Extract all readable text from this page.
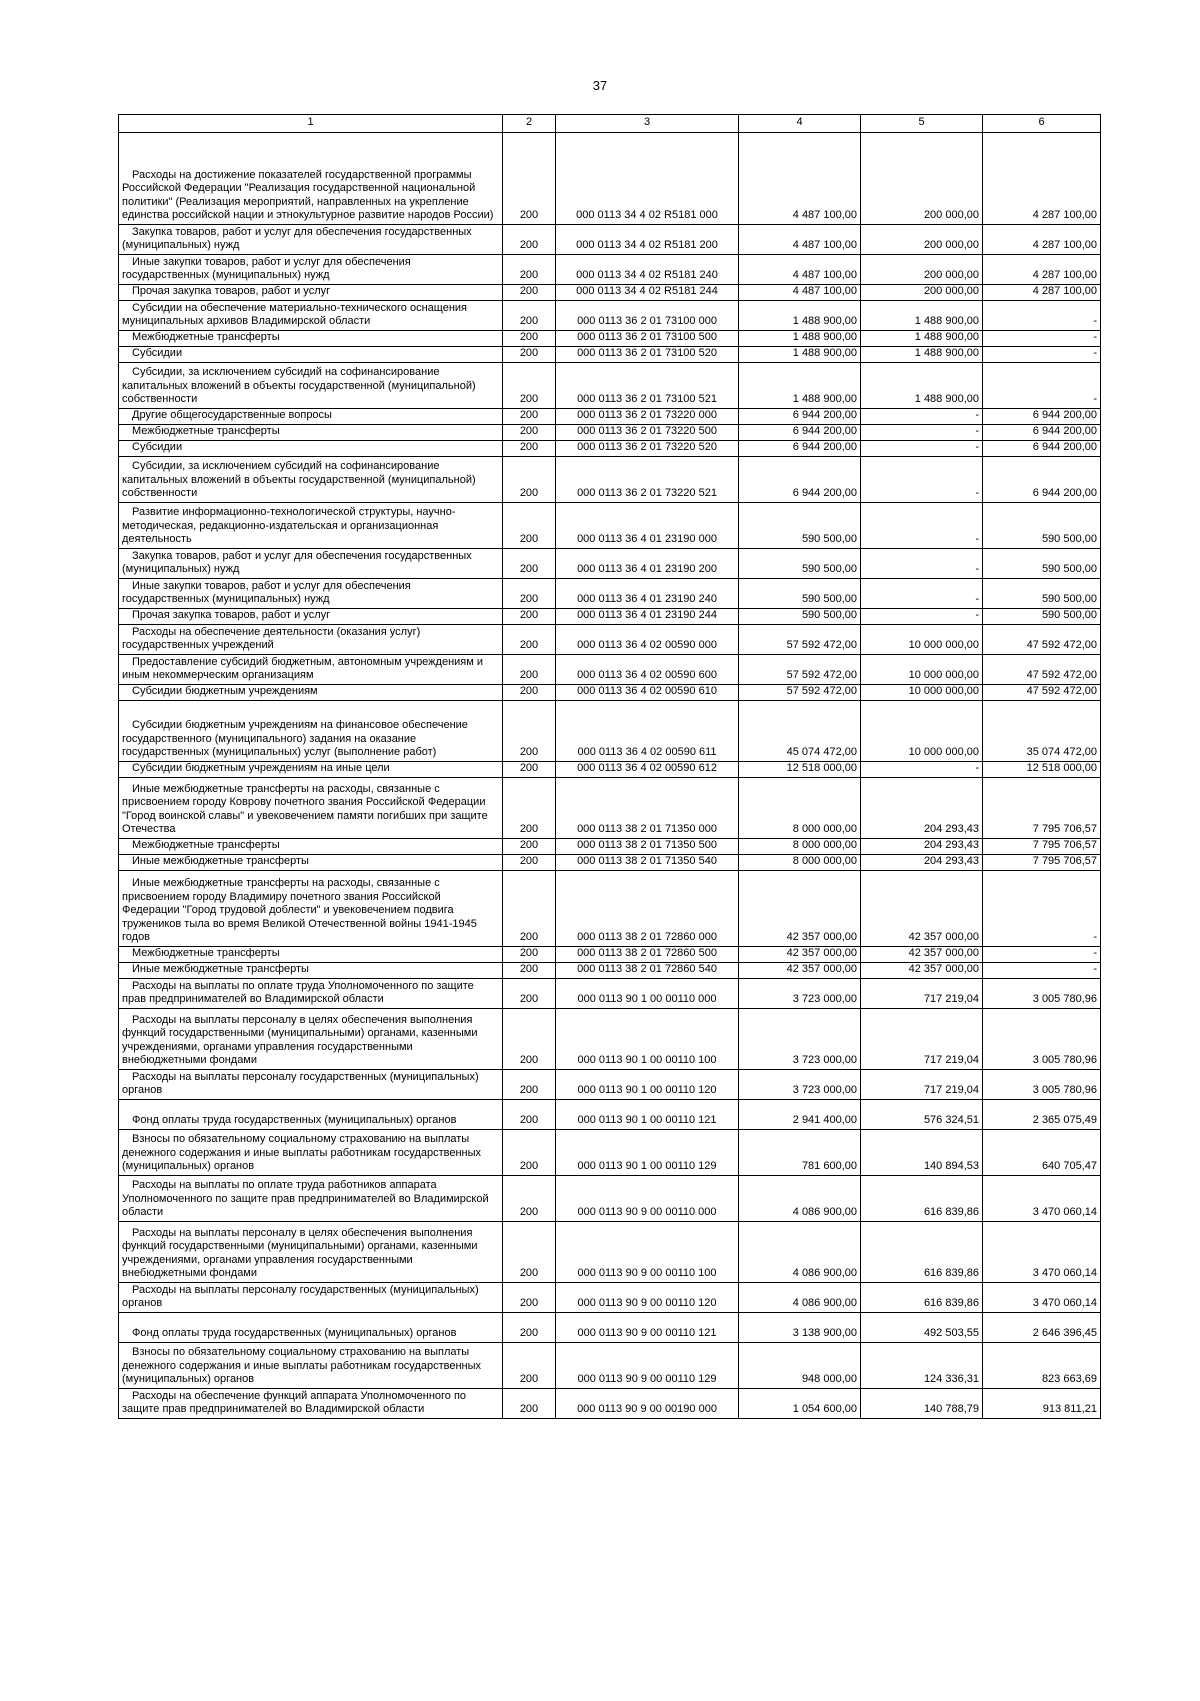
37
1	2	3	4	5	6

Расходы на достижение показателей государственной программы Российской Федерации "Реализация государственной национальной политики" (Реализация мероприятий, направленных на укрепление единства российской нации и этнокультурное развитие народов России)	200	000 0113 34 4 02 R5181 000	4 487 100,00	200 000,00	4 287 100,00

Закупка товаров, работ и услуг для обеспечения государственных (муниципальных) нужд	200	000 0113 34 4 02 R5181 200	4 487 100,00	200 000,00	4 287 100,00

Иные закупки товаров, работ и услуг для обеспечения государственных (муниципальных) нужд	200	000 0113 34 4 02 R5181 240	4 487 100,00	200 000,00	4 287 100,00

Прочая закупка товаров, работ и услуг	200	000 0113 34 4 02 R5181 244	4 487 100,00	200 000,00	4 287 100,00

Субсидии на обеспечение материально-технического оснащения муниципальных архивов Владимирской области	200	000 0113 36 2 01 73100 000	1 488 900,00	1 488 900,00	-

Межбюджетные трансферты	200	000 0113 36 2 01 73100 500	1 488 900,00	1 488 900,00	-

Субсидии	200	000 0113 36 2 01 73100 520	1 488 900,00	1 488 900,00	-

Субсидии, за исключением субсидий на софинансирование капитальных вложений в объекты государственной (муниципальной) собственности	200	000 0113 36 2 01 73100 521	1 488 900,00	1 488 900,00	-

Другие общегосударственные вопросы	200	000 0113 36 2 01 73220 000	6 944 200,00	-	6 944 200,00

Межбюджетные трансферты	200	000 0113 36 2 01 73220 500	6 944 200,00	-	6 944 200,00

Субсидии	200	000 0113 36 2 01 73220 520	6 944 200,00	-	6 944 200,00

Субсидии, за исключением субсидий на софинансирование капитальных вложений в объекты государственной (муниципальной) собственности	200	000 0113 36 2 01 73220 521	6 944 200,00	-	6 944 200,00

Развитие информационно-технологической структуры, научно-методическая, редакционно-издательская и организационная деятельность	200	000 0113 36 4 01 23190 000	590 500,00	-	590 500,00

Закупка товаров, работ и услуг для обеспечения государственных (муниципальных) нужд	200	000 0113 36 4 01 23190 200	590 500,00	-	590 500,00

Иные закупки товаров, работ и услуг для обеспечения государственных (муниципальных) нужд	200	000 0113 36 4 01 23190 240	590 500,00	-	590 500,00

Прочая закупка товаров, работ и услуг	200	000 0113 36 4 01 23190 244	590 500,00	-	590 500,00

Расходы на обеспечение деятельности (оказания услуг) государственных учреждений	200	000 0113 36 4 02 00590 000	57 592 472,00	10 000 000,00	47 592 472,00

Предоставление субсидий бюджетным, автономным учреждениям и иным некоммерческим организациям	200	000 0113 36 4 02 00590 600	57 592 472,00	10 000 000,00	47 592 472,00

Субсидии бюджетным учреждениям	200	000 0113 36 4 02 00590 610	57 592 472,00	10 000 000,00	47 592 472,00

Субсидии бюджетным учреждениям на финансовое обеспечение государственного (муниципального) задания на оказание государственных (муниципальных) услуг (выполнение работ)	200	000 0113 36 4 02 00590 611	45 074 472,00	10 000 000,00	35 074 472,00

Субсидии бюджетным учреждениям на иные цели	200	000 0113 36 4 02 00590 612	12 518 000,00	-	12 518 000,00

Иные межбюджетные трансферты на расходы, связанные с присвоением городу Коврову почетного звания Российской Федерации "Город воинской славы" и увековечением памяти погибших при защите Отечества	200	000 0113 38 2 01 71350 000	8 000 000,00	204 293,43	7 795 706,57

Межбюджетные трансферты	200	000 0113 38 2 01 71350 500	8 000 000,00	204 293,43	7 795 706,57

Иные межбюджетные трансферты	200	000 0113 38 2 01 71350 540	8 000 000,00	204 293,43	7 795 706,57

Иные межбюджетные трансферты на расходы, связанные с присвоением городу Владимиру почетного звания Российской Федерации "Город трудовой доблести" и увековечением подвига тружеников тыла во время Великой Отечественной войны 1941-1945 годов	200	000 0113 38 2 01 72860 000	42 357 000,00	42 357 000,00	-

Межбюджетные трансферты	200	000 0113 38 2 01 72860 500	42 357 000,00	42 357 000,00	-

Иные межбюджетные трансферты	200	000 0113 38 2 01 72860 540	42 357 000,00	42 357 000,00	-

Расходы на выплаты по оплате труда Уполномоченного по защите прав предпринимателей во Владимирской области	200	000 0113 90 1 00 00110 000	3 723 000,00	717 219,04	3 005 780,96

Расходы на выплаты персоналу в целях обеспечения выполнения функций государственными (муниципальными) органами, казенными учреждениями, органами управления государственными внебюджетными фондами	200	000 0113 90 1 00 00110 100	3 723 000,00	717 219,04	3 005 780,96

Расходы на выплаты персоналу государственных (муниципальных) органов	200	000 0113 90 1 00 00110 120	3 723 000,00	717 219,04	3 005 780,96

Фонд оплаты труда государственных (муниципальных) органов	200	000 0113 90 1 00 00110 121	2 941 400,00	576 324,51	2 365 075,49

Взносы по обязательному социальному страхованию на выплаты денежного содержания и иные выплаты работникам государственных (муниципальных) органов	200	000 0113 90 1 00 00110 129	781 600,00	140 894,53	640 705,47

Расходы на выплаты по оплате труда работников аппарата Уполномоченного по защите прав предпринимателей во Владимирской области	200	000 0113 90 9 00 00110 000	4 086 900,00	616 839,86	3 470 060,14

Расходы на выплаты персоналу в целях обеспечения выполнения функций государственными (муниципальными) органами, казенными учреждениями, органами управления государственными внебюджетными фондами	200	000 0113 90 9 00 00110 100	4 086 900,00	616 839,86	3 470 060,14

Расходы на выплаты персоналу государственных (муниципальных) органов	200	000 0113 90 9 00 00110 120	4 086 900,00	616 839,86	3 470 060,14

Фонд оплаты труда государственных (муниципальных) органов	200	000 0113 90 9 00 00110 121	3 138 900,00	492 503,55	2 646 396,45

Взносы по обязательному социальному страхованию на выплаты денежного содержания и иные выплаты работникам государственных (муниципальных) органов	200	000 0113 90 9 00 00110 129	948 000,00	124 336,31	823 663,69

Расходы на обеспечение функций аппарата Уполномоченного по защите прав предпринимателей во Владимирской области	200	000 0113 90 9 00 00190 000	1 054 600,00	140 788,79	913 811,21
